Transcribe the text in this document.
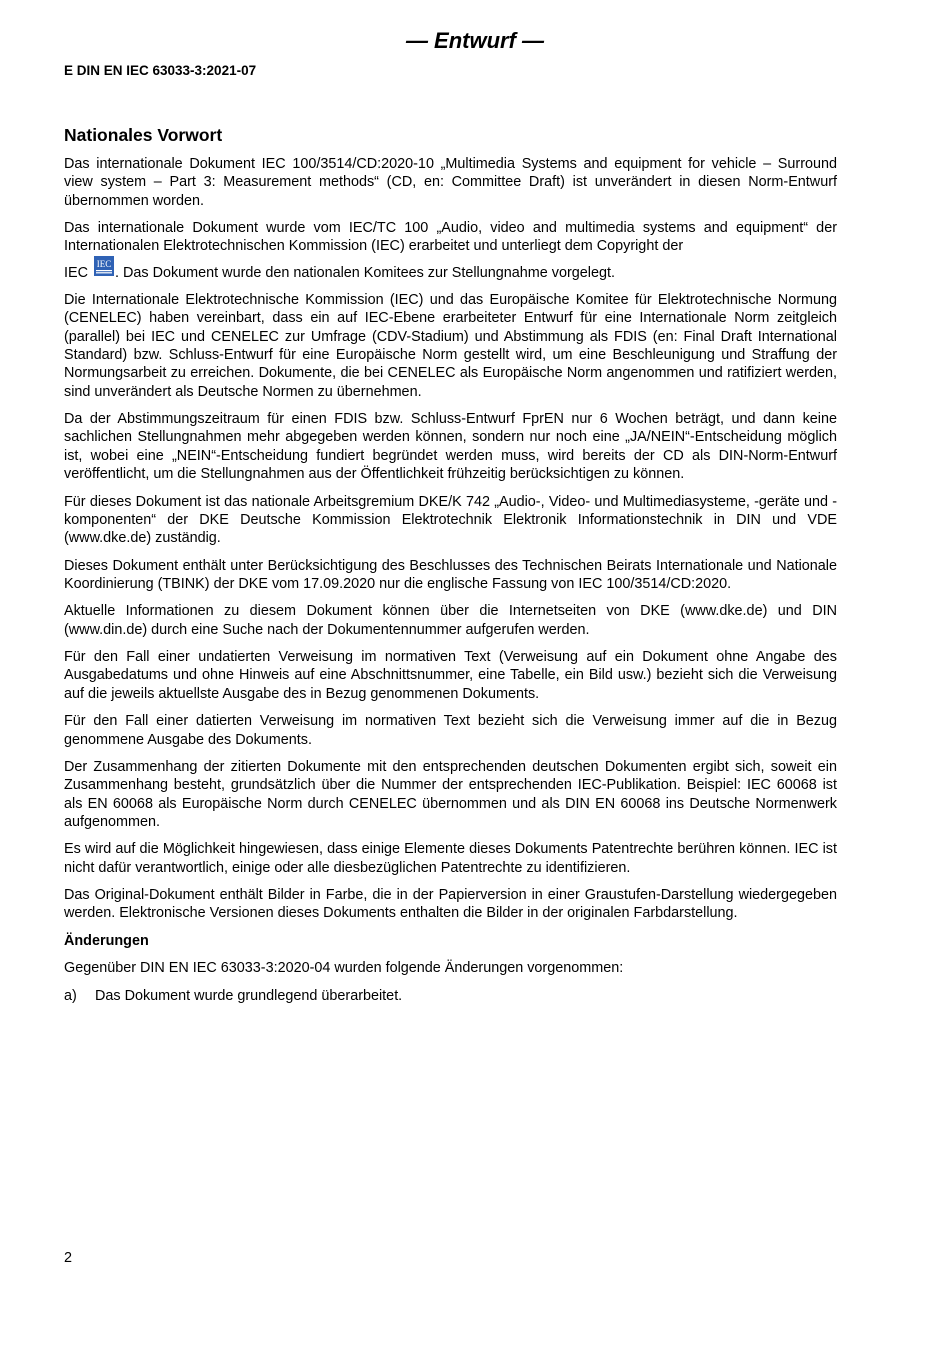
— Entwurf —
E DIN EN IEC 63033-3:2021-07
Nationales Vorwort
Das internationale Dokument IEC 100/3514/CD:2020-10 „Multimedia Systems and equipment for vehicle – Surround view system – Part 3: Measurement methods“ (CD, en: Committee Draft) ist unverändert in diesen Norm-Entwurf übernommen worden.
Das internationale Dokument wurde vom IEC/TC 100 „Audio, video and multimedia systems and equipment“ der Internationalen Elektrotechnischen Kommission (IEC) erarbeitet und unterliegt dem Copyright der
IEC
IEC
. Das Dokument wurde den nationalen Komitees zur Stellungnahme vorgelegt.
Die Internationale Elektrotechnische Kommission (IEC) und das Europäische Komitee für Elektrotechnische Normung (CENELEC) haben vereinbart, dass ein auf IEC-Ebene erarbeiteter Entwurf für eine Internationale Norm zeitgleich (parallel) bei IEC und CENELEC zur Umfrage (CDV-Stadium) und Abstimmung als FDIS (en: Final Draft International Standard) bzw. Schluss-Entwurf für eine Europäische Norm gestellt wird, um eine Beschleunigung und Straffung der Normungsarbeit zu erreichen. Dokumente, die bei CENELEC als Europäische Norm angenommen und ratifiziert werden, sind unverändert als Deutsche Normen zu übernehmen.
Da der Abstimmungszeitraum für einen FDIS bzw. Schluss-Entwurf FprEN nur 6 Wochen beträgt, und dann keine sachlichen Stellungnahmen mehr abgegeben werden können, sondern nur noch eine „JA/NEIN“-Entscheidung möglich ist, wobei eine „NEIN“-Entscheidung fundiert begründet werden muss, wird bereits der CD als DIN-Norm-Entwurf veröffentlicht, um die Stellungnahmen aus der Öffentlichkeit frühzeitig berücksichtigen zu können.
Für dieses Dokument ist das nationale Arbeitsgremium DKE/K 742 „Audio-, Video- und Multimediasysteme, -geräte und -komponenten“ der DKE Deutsche Kommission Elektrotechnik Elektronik Informationstechnik in DIN und VDE (www.dke.de) zuständig.
Dieses Dokument enthält unter Berücksichtigung des Beschlusses des Technischen Beirats Internationale und Nationale Koordinierung (TBINK) der DKE vom 17.09.2020 nur die englische Fassung von IEC 100/3514/CD:2020.
Aktuelle Informationen zu diesem Dokument können über die Internetseiten von DKE (www.dke.de) und DIN (www.din.de) durch eine Suche nach der Dokumentennummer aufgerufen werden.
Für den Fall einer undatierten Verweisung im normativen Text (Verweisung auf ein Dokument ohne Angabe des Ausgabedatums und ohne Hinweis auf eine Abschnittsnummer, eine Tabelle, ein Bild usw.) bezieht sich die Verweisung auf die jeweils aktuellste Ausgabe des in Bezug genommenen Dokuments.
Für den Fall einer datierten Verweisung im normativen Text bezieht sich die Verweisung immer auf die in Bezug genommene Ausgabe des Dokuments.
Der Zusammenhang der zitierten Dokumente mit den entsprechenden deutschen Dokumenten ergibt sich, soweit ein Zusammenhang besteht, grundsätzlich über die Nummer der entsprechenden IEC-Publikation. Beispiel: IEC 60068 ist als EN 60068 als Europäische Norm durch CENELEC übernommen und als DIN EN 60068 ins Deutsche Normenwerk aufgenommen.
Es wird auf die Möglichkeit hingewiesen, dass einige Elemente dieses Dokuments Patentrechte berühren können. IEC ist nicht dafür verantwortlich, einige oder alle diesbezüglichen Patentrechte zu identifizieren.
Das Original-Dokument enthält Bilder in Farbe, die in der Papierversion in einer Graustufen-Darstellung wiedergegeben werden. Elektronische Versionen dieses Dokuments enthalten die Bilder in der originalen Farbdarstellung.
Änderungen
Gegenüber DIN EN IEC 63033-3:2020-04 wurden folgende Änderungen vorgenommen:
a)	Das Dokument wurde grundlegend überarbeitet.
2
